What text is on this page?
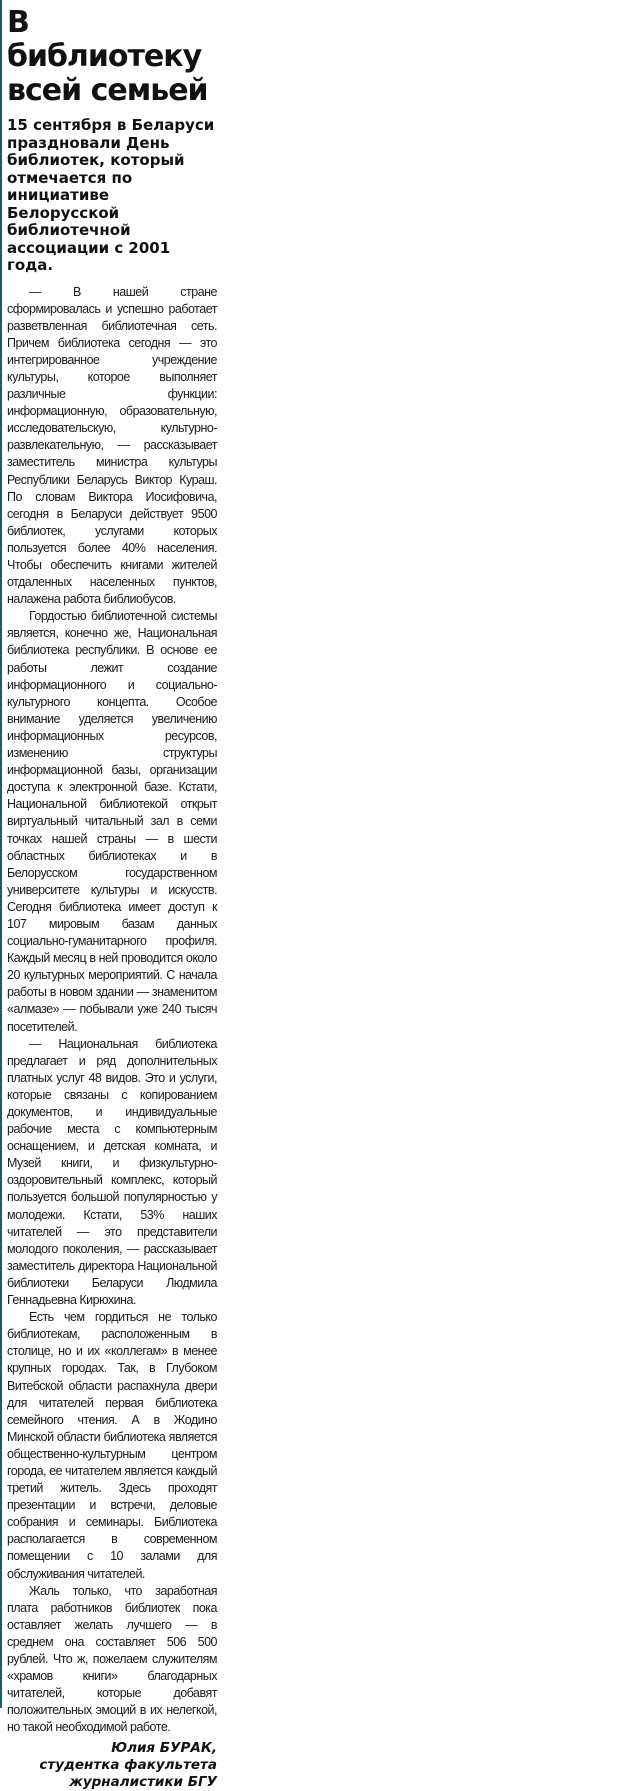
В библиотеку всей семьей

15 сентября в Беларуси праздновали День библиотек, который отмечается по инициативе Белорусской библиотечной ассоциации с 2001 года.

— В нашей стране сформировалась и успешно работает разветвленная библиотечная сеть. Причем библиотека сегодня — это интегрированное учреждение культуры, которое выполняет различные функции: информационную, образовательную, исследовательскую, культурно-развлекательную, — рассказывает заместитель министра культуры Республики Беларусь Виктор Кураш. По словам Виктора Иосифовича, сегодня в Беларуси действует 9500 библиотек, услугами которых пользуется более 40% населения. Чтобы обеспечить книгами жителей отдаленных населенных пунктов, налажена работа библиобусов.

Гордостью библиотечной системы является, конечно же, Национальная библиотека республики. В основе ее работы лежит создание информационного и социально-культурного концепта. Особое внимание уделяется увеличению информационных ресурсов, изменению структуры информационной базы, организации доступа к электронной базе. Кстати, Национальной библиотекой открыт виртуальный читальный зал в семи точках нашей страны — в шести областных библиотеках и в Белорусском государственном университете культуры и искусств. Сегодня библиотека имеет доступ к 107 мировым базам данных социально-гуманитарного профиля. Каждый месяц в ней проводится около 20 культурных мероприятий. С начала работы в новом здании — знаменитом «алмазе» — побывали уже 240 тысяч посетителей.

— Национальная библиотека предлагает и ряд дополнительных платных услуг 48 видов. Это и услуги, которые связаны с копированием документов, и индивидуальные рабочие места с компьютерным оснащением, и детская комната, и Музей книги, и физкультурно-оздоровительный комплекс, который пользуется большой популярностью у молодежи. Кстати, 53% наших читателей — это представители молодого поколения, — рассказывает заместитель директора Национальной библиотеки Беларуси Людмила Геннадьевна Кирюхина.

Есть чем гордиться не только библиотекам, расположенным в столице, но и их «коллегам» в менее крупных городах. Так, в Глубоком Витебской области распахнула двери для читателей первая библиотека семейного чтения. А в Жодино Минской области библиотека является общественно-культурным центром города, ее читателем является каждый третий житель. Здесь проходят презентации и встречи, деловые собрания и семинары. Библиотека располагается в современном помещении с 10 залами для обслуживания читателей.

Жаль только, что заработная плата работников библиотек пока оставляет желать лучшего — в среднем она составляет 506 500 рублей. Что ж, пожелаем служителям «храмов книги» благодарных читателей, которые добавят положительных эмоций в их нелегкой, но такой необходимой работе.

Юлия БУРАК,
студентка факультета
журналистики БГУ
